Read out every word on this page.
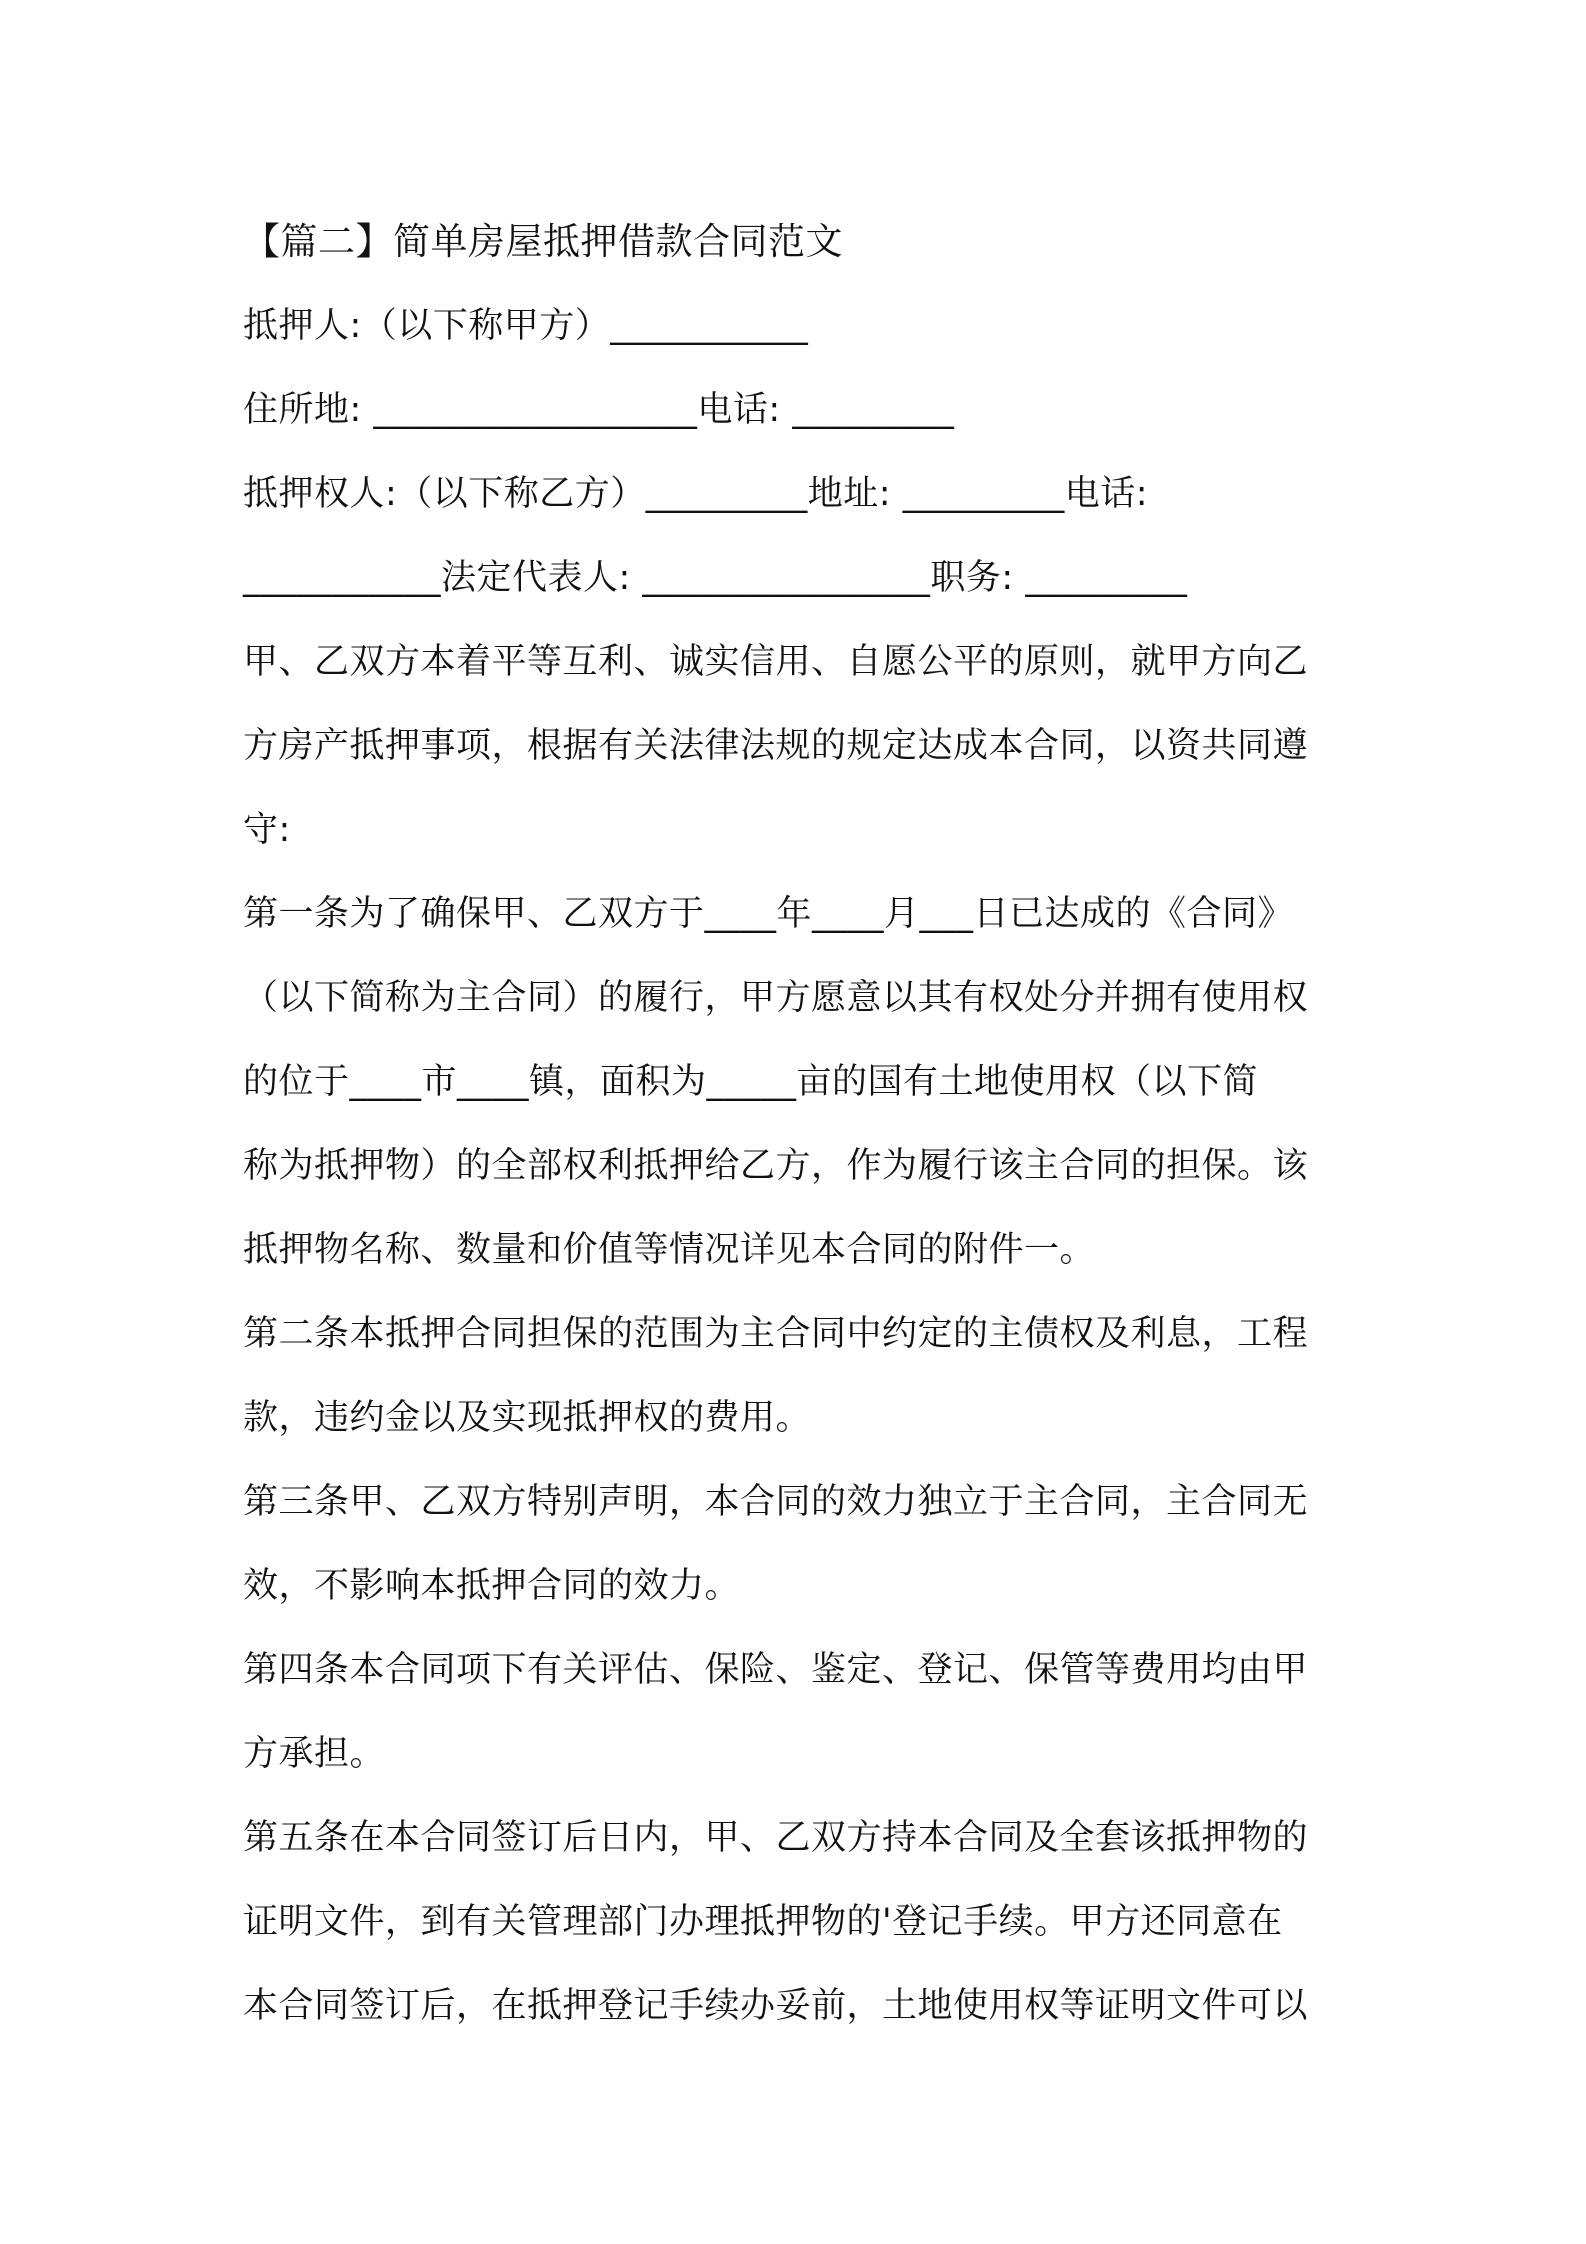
【篇二】简单房屋抵押借款合同范文
抵押人:（以下称甲方）___________
住所地: __________________电话: _________
抵押权人:（以下称乙方）_________地址: _________电话:
___________法定代表人: ________________职务: _________
甲、乙双方本着平等互利、诚实信用、自愿公平的原则，就甲方向乙
方房产抵押事项，根据有关法律法规的规定达成本合同，以资共同遵
守:
第一条为了确保甲、乙双方于____年____月___日已达成的《合同》
（以下简称为主合同）的履行，甲方愿意以其有权处分并拥有使用权
的位于____市____镇，面积为_____亩的国有土地使用权（以下简
称为抵押物）的全部权利抵押给乙方，作为履行该主合同的担保。该
抵押物名称、数量和价值等情况详见本合同的附件一。
第二条本抵押合同担保的范围为主合同中约定的主债权及利息，工程
款，违约金以及实现抵押权的费用。
第三条甲、乙双方特别声明，本合同的效力独立于主合同，主合同无
效，不影响本抵押合同的效力。
第四条本合同项下有关评估、保险、鉴定、登记、保管等费用均由甲
方承担。
第五条在本合同签订后日内，甲、乙双方持本合同及全套该抵押物的
证明文件，到有关管理部门办理抵押物的'登记手续。甲方还同意在
本合同签订后，在抵押登记手续办妥前，土地使用权等证明文件可以
